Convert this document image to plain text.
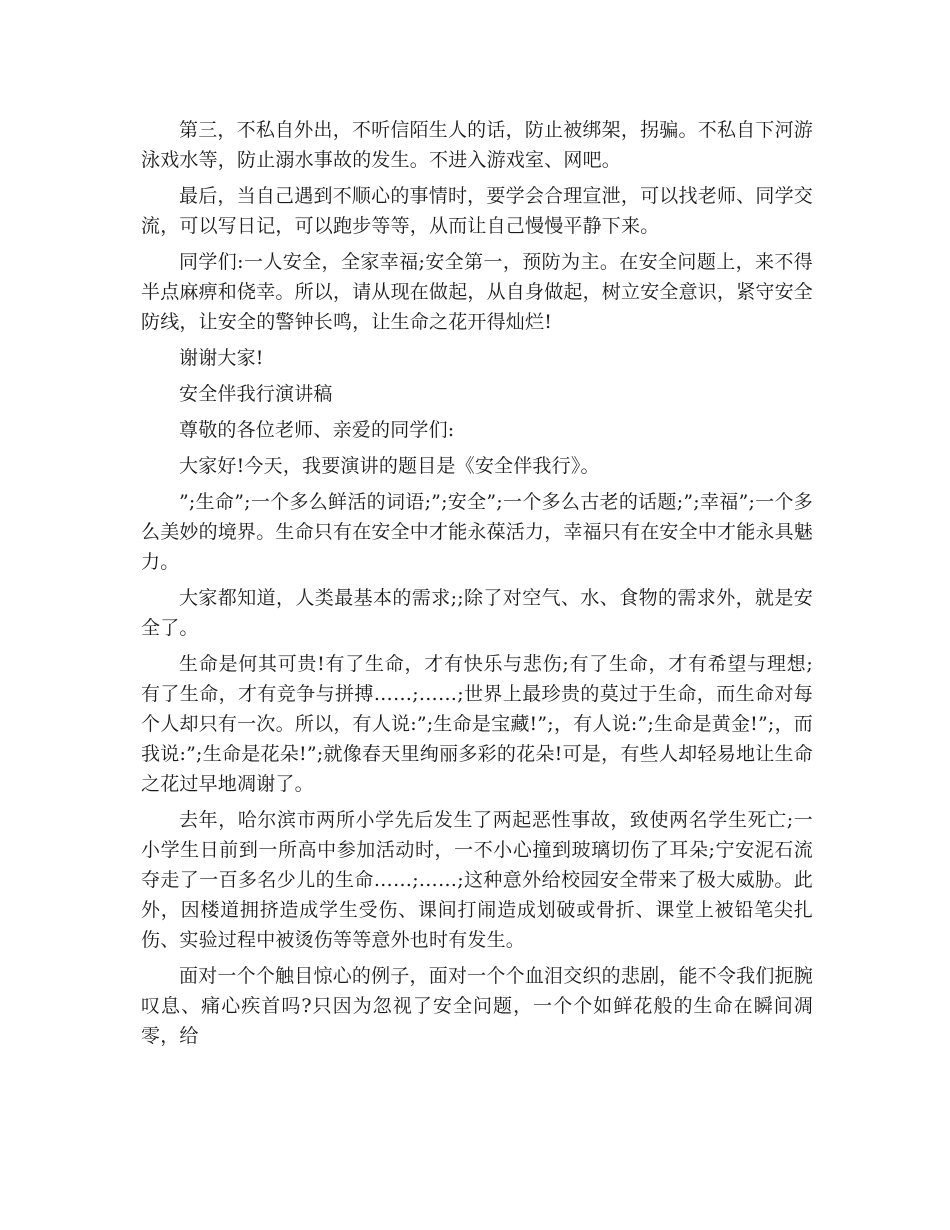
第三，不私自外出，不听信陌生人的话，防止被绑架，拐骗。不私自下河游泳戏水等，防止溺水事故的发生。不进入游戏室、网吧。

最后，当自己遇到不顺心的事情时，要学会合理宣泄，可以找老师、同学交流，可以写日记，可以跑步等等，从而让自己慢慢平静下来。

同学们:一人安全，全家幸福;安全第一，预防为主。在安全问题上，来不得半点麻痹和侥幸。所以，请从现在做起，从自身做起，树立安全意识，紧守安全防线，让安全的警钟长鸣，让生命之花开得灿烂!

谢谢大家!

安全伴我行演讲稿

尊敬的各位老师、亲爱的同学们:

大家好!今天，我要演讲的题目是《安全伴我行》。

”;生命”;一个多么鲜活的词语;”;安全”;一个多么古老的话题;”;幸福”;一个多么美妙的境界。生命只有在安全中才能永葆活力，幸福只有在安全中才能永具魅力。

大家都知道，人类最基本的需求;;除了对空气、水、食物的需求外，就是安全了。

生命是何其可贵!有了生命，才有快乐与悲伤;有了生命，才有希望与理想;有了生命，才有竞争与拼搏……;……;世界上最珍贵的莫过于生命，而生命对每个人却只有一次。所以，有人说:”;生命是宝藏!”;，有人说:”;生命是黄金!”;，而我说:”;生命是花朵!”;就像春天里绚丽多彩的花朵!可是，有些人却轻易地让生命之花过早地凋谢了。

去年，哈尔滨市两所小学先后发生了两起恶性事故，致使两名学生死亡;一小学生日前到一所高中参加活动时，一不小心撞到玻璃切伤了耳朵;宁安泥石流夺走了一百多名少儿的生命……;……;这种意外给校园安全带来了极大威胁。此外，因楼道拥挤造成学生受伤、课间打闹造成划破或骨折、课堂上被铅笔尖扎伤、实验过程中被烫伤等等意外也时有发生。

面对一个个触目惊心的例子，面对一个个血泪交织的悲剧，能不令我们扼腕叹息、痛心疾首吗?只因为忽视了安全问题，一个个如鲜花般的生命在瞬间凋零，给
